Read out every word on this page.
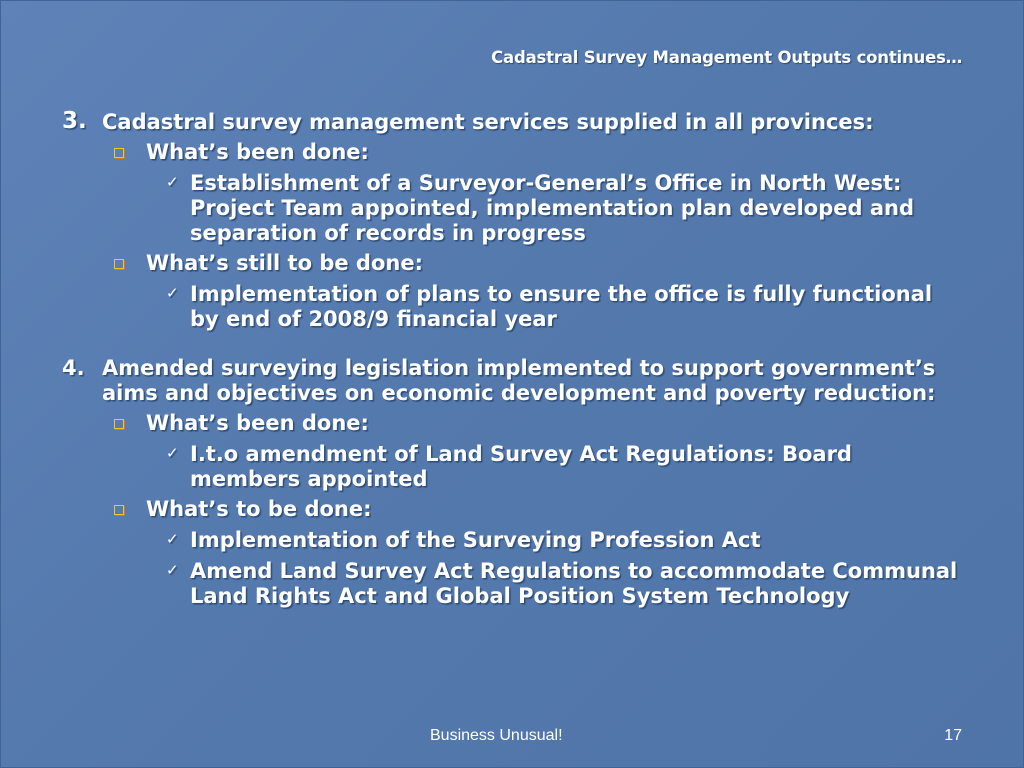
Cadastral Survey Management Outputs continues…
3. Cadastral survey management services supplied in all provinces:
What’s been done:
✓ Establishment of a Surveyor-General’s Office in North West: Project Team appointed, implementation plan developed and separation of records in progress
What’s still to be done:
✓ Implementation of plans to ensure the office is fully functional by end of 2008/9 financial year
4. Amended surveying legislation implemented to support government’s aims and objectives on economic development and poverty reduction:
What’s been done:
✓ I.t.o amendment of Land Survey Act Regulations: Board members appointed
What’s to be done:
✓ Implementation of the Surveying Profession Act
✓ Amend Land Survey Act Regulations to accommodate Communal Land Rights Act and Global Position System Technology
Business Unusual!	17
